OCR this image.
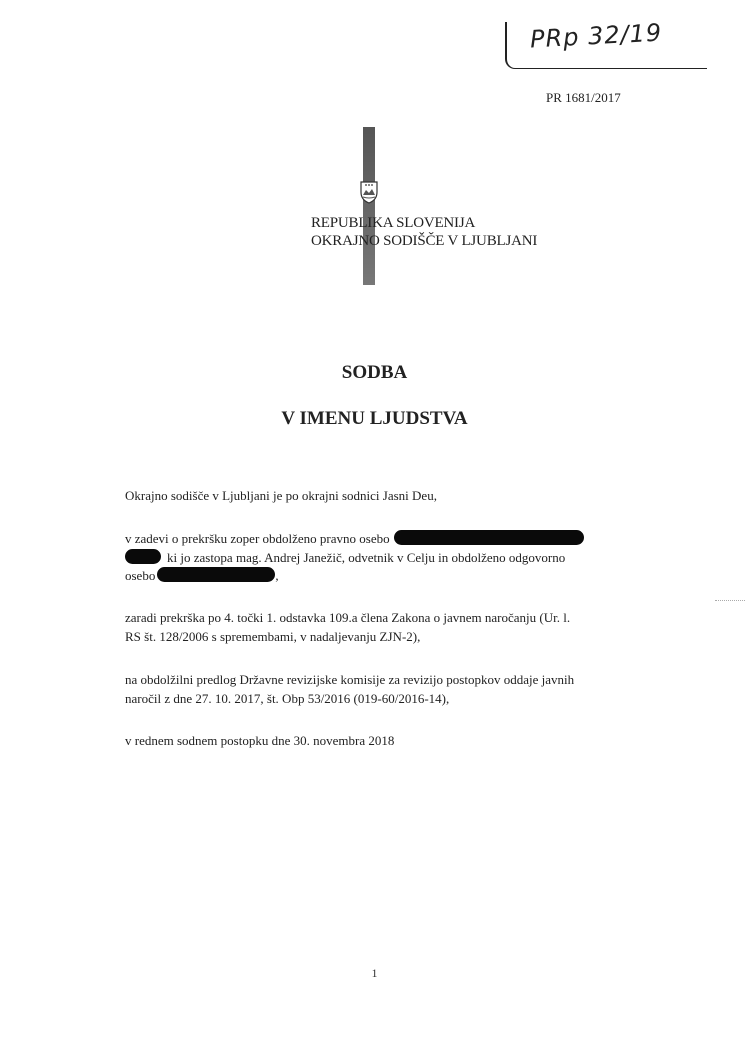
PRp 32/19
PR 1681/2017
REPUBLIKA SLOVENIJA
OKRAJNO SODIŠČE V LJUBLJANI
SODBA
V IMENU LJUDSTVA
Okrajno sodišče v Ljubljani je po okrajni sodnici Jasni Deu,
v zadevi o prekršku zoper obdolženo pravno osebo
ki jo zastopa mag. Andrej Janežič, odvetnik v Celju in obdolženo odgovorno
osebo	,
zaradi prekrška po 4. točki 1. odstavka 109.a člena Zakona o javnem naročanju (Ur. l.
RS št. 128/2006 s spremembami, v nadaljevanju ZJN-2),
na obdolžilni predlog Državne revizijske komisije za revizijo postopkov oddaje javnih
naročil z dne 27. 10. 2017, št. Obp 53/2016 (019-60/2016-14),
v rednem sodnem postopku dne 30. novembra 2018
1
